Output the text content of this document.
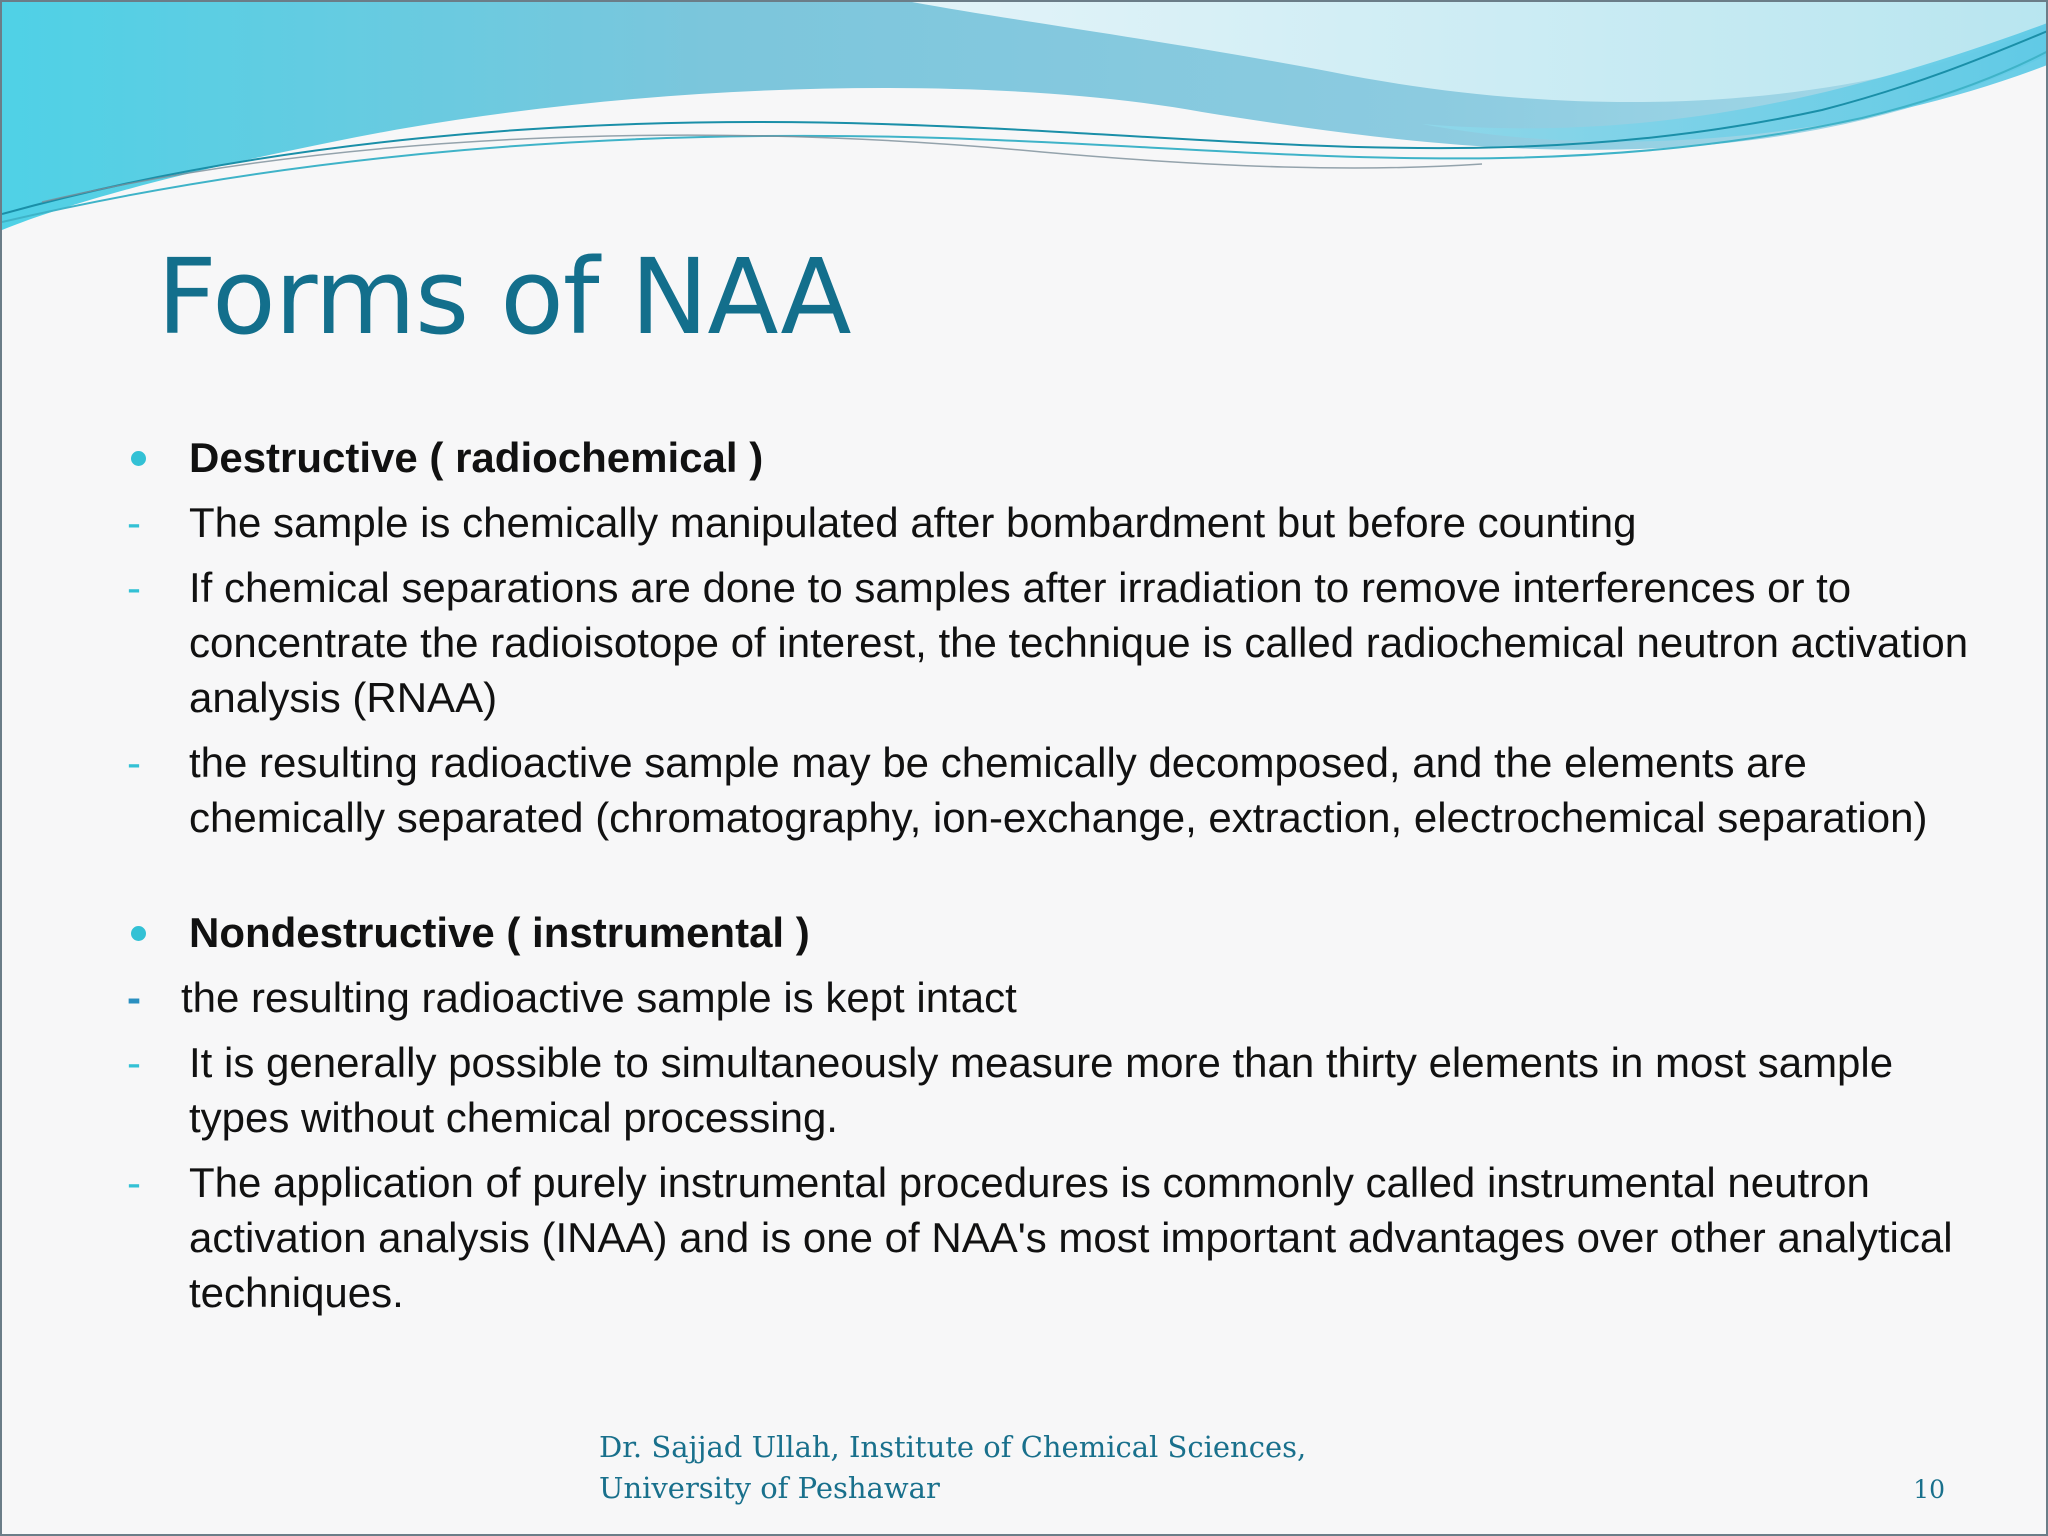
Forms of NAA
Destructive ( radiochemical )
- The sample is chemically manipulated after bombardment but before counting
- If chemical separations are done to samples after irradiation to remove interferences or to concentrate the radioisotope of interest, the technique is called radiochemical neutron activation analysis (RNAA)
- the resulting radioactive sample may be chemically decomposed, and the elements are chemically separated (chromatography, ion-exchange, extraction, electrochemical separation)
Nondestructive ( instrumental )
- the resulting radioactive sample is kept intact
- It is generally possible to simultaneously measure more than thirty elements in most sample types without chemical processing.
- The application of purely instrumental procedures is commonly called instrumental neutron activation analysis (INAA) and is one of NAA's most important advantages over other analytical techniques.
Dr. Sajjad Ullah, Institute of Chemical Sciences,
University of Peshawar	10
